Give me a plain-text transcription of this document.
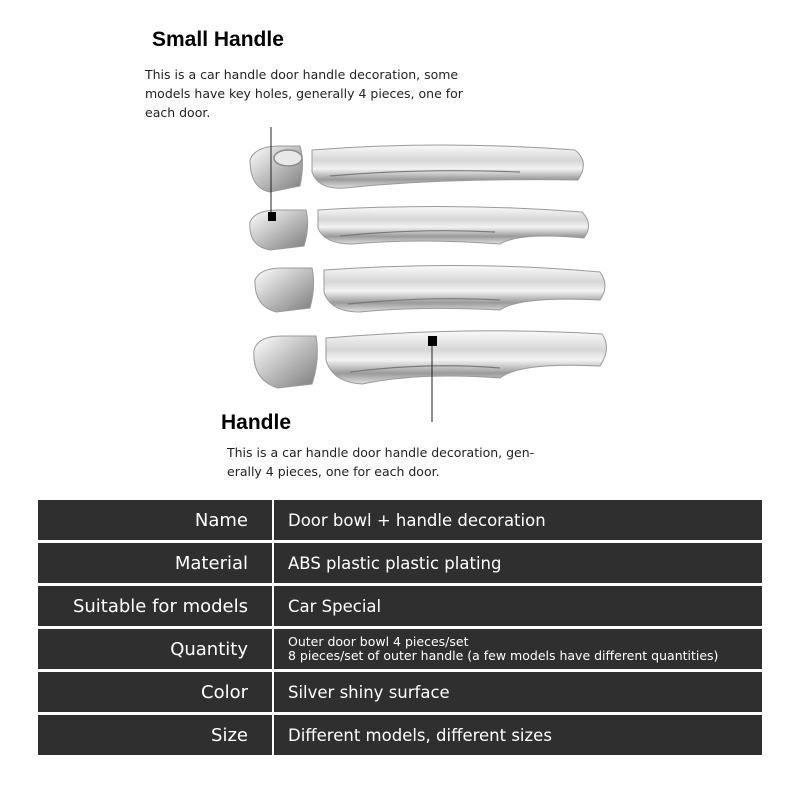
Small Handle

This is a car handle door handle decoration, some
models have key holes, generally 4 pieces, one for
each door.

Handle

This is a car handle door handle decoration, gen-
erally 4 pieces, one for each door.

Name	Door bowl + handle decoration
Material	ABS plastic plastic plating
Suitable for models	Car Special
Quantity	Outer door bowl 4 pieces/set
8 pieces/set of outer handle (a few models have different quantities)

Color	Silver shiny surface
Size	Different models, different sizes
